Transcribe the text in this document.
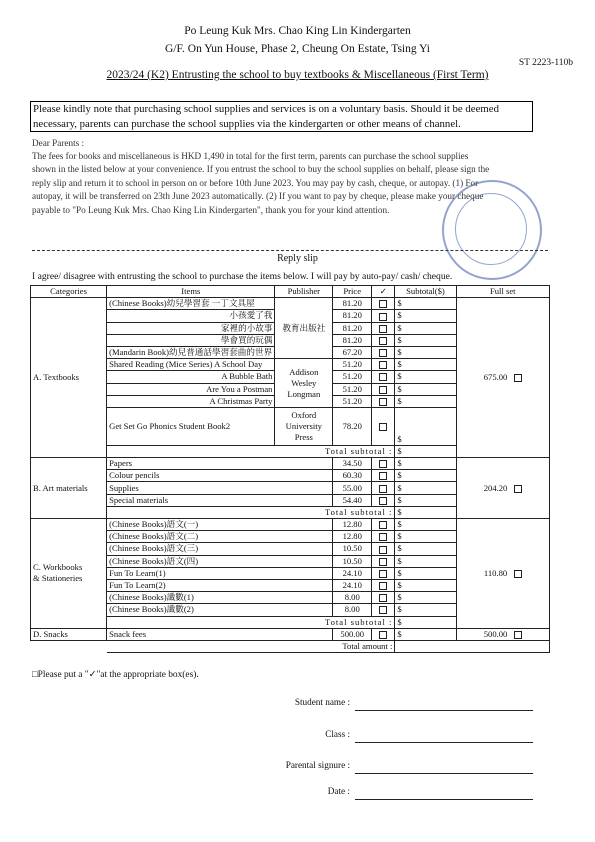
Po Leung Kuk Mrs. Chao King Lin Kindergarten
G/F. On Yun House, Phase 2, Cheung On Estate, Tsing Yi
ST 2223-110b
2023/24 (K2) Entrusting the school to buy textbooks & Miscellaneous (First Term)
Please kindly note that purchasing school supplies and services is on a voluntary basis. Should it be deemed necessary, parents can purchase the school supplies via the kindergarten or other means of channel.
Dear Parents :
The fees for books and miscellaneous is HKD 1,490 in total for the first term, parents can purchase the school supplies
shown in the listed below at your convenience. If you entrust the school to buy the school supplies on behalf, please sign the
reply slip and return it to school in person on or before 10th June 2023. You may pay by cash, cheque, or autopay. (1) For
autopay, it will be transferred on 23th June 2023 automatically. (2) If you want to pay by cheque, please make your cheque
payable to "Po Leung Kuk Mrs. Chao King Lin Kindergarten", thank you for your kind attention.
Reply slip
I agree/ disagree with entrusting the school to purchase the items below. I will pay by auto-pay/ cash/ cheque.
Categories	Items	Publisher	Price	✓	Subtotal($)	Full set
A. Textbooks	(Chinese Books)幼兒學習套 一丁文具屋	教育出版社	81.20		$	675.00
	小孩愛了我		81.20		$	
	家裡的小故事		81.20		$	
	學會買的玩偶		81.20		$	
	(Mandarin Book)幼兒普通話學習套曲的世界		67.20		$	
	Shared Reading (Mice Series) A School Day	Addison Wesley Longman	51.20		$	
	A Bubble Bath		51.20		$	
	Are You a Postman		51.20		$	
	A Christmas Party		51.20		$	
	Get Set Go Phonics Student Book2	Oxford University Press	78.20		$	
	Total subtotal :				$	
B. Art materials	Papers		34.50		$	204.20
	Colour pencils		60.30		$	
	Supplies		55.00		$	
	Special materials		54.40		$	
	Total subtotal :				$	
C. Workbooks
& Stationeries	(Chinese Books)語文(一)		12.80		$	110.80
	(Chinese Books)語文(二)		12.80		$	
	(Chinese Books)語文(三)		10.50		$	
	(Chinese Books)語文(四)		10.50		$	
	Fun To Learn(1)		24.10		$	
	Fun To Learn(2)		24.10		$	
	(Chinese Books)識數(1)		8.00		$	
	(Chinese Books)識數(2)		8.00		$	
	Total subtotal :				$	
D. Snacks	Snack fees		500.00		$	500.00
	Total amount :					
□Please put a "✓"at the appropriate box(es).
Student name :
Class :
Parental signure :
Date :
